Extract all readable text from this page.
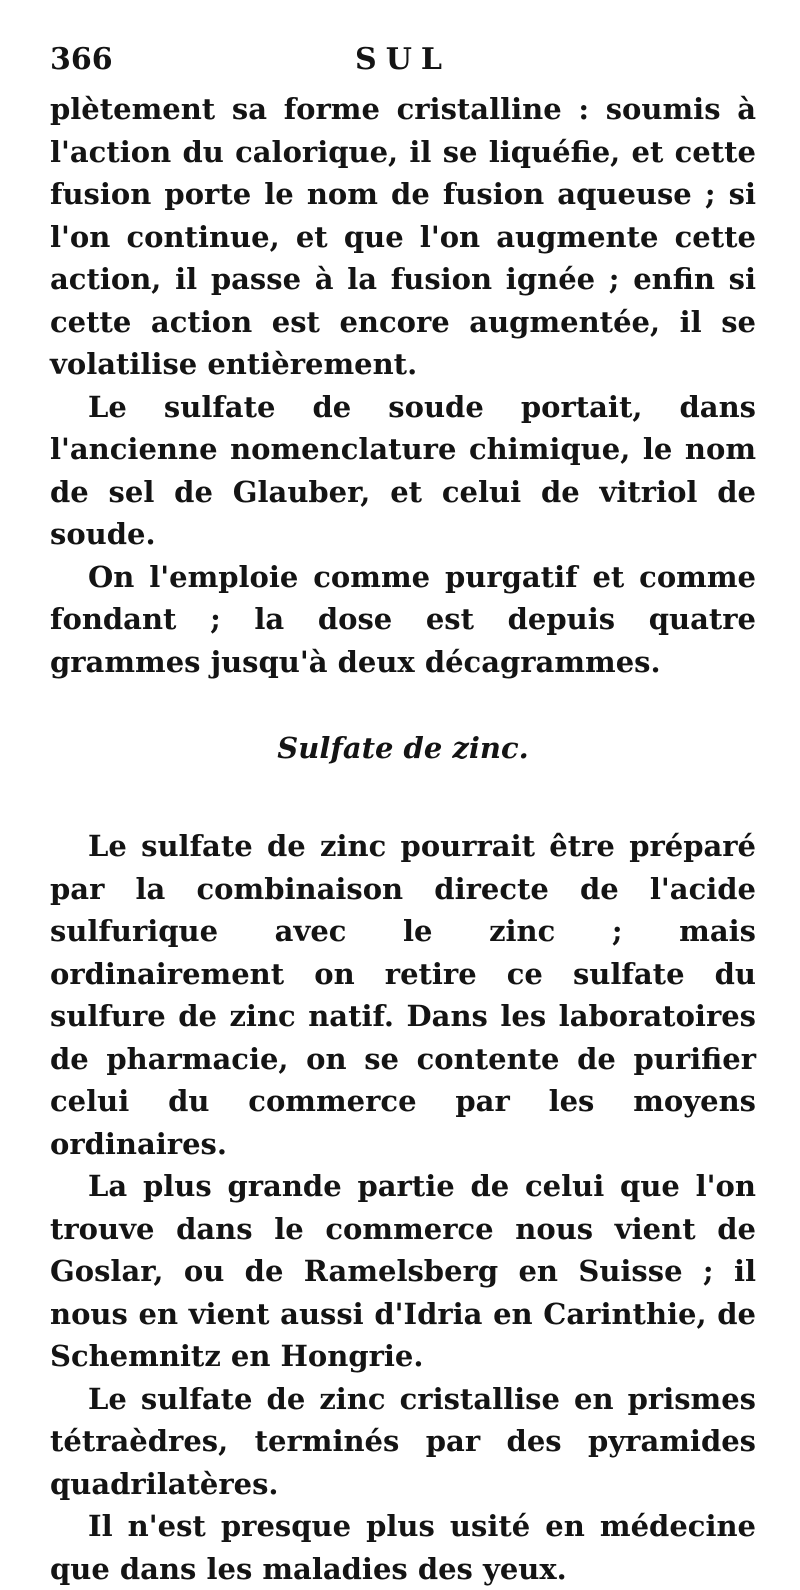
366	SUL

plètement sa forme cristalline : soumis à l'action du calorique, il se liquéfie, et cette fusion porte le nom de fusion aqueuse ; si l'on continue, et que l'on augmente cette action, il passe à la fusion ignée ; enfin si cette action est encore augmentée, il se volatilise entièrement.

Le sulfate de soude portait, dans l'ancienne nomenclature chimique, le nom de sel de Glauber, et celui de vitriol de soude.

On l'emploie comme purgatif et comme fondant ; la dose est depuis quatre grammes jusqu'à deux décagrammes.

Sulfate de zinc.

Le sulfate de zinc pourrait être préparé par la combinaison directe de l'acide sulfurique avec le zinc ; mais ordinairement on retire ce sulfate du sulfure de zinc natif. Dans les laboratoires de pharmacie, on se contente de purifier celui du commerce par les moyens ordinaires.

La plus grande partie de celui que l'on trouve dans le commerce nous vient de Goslar, ou de Ramelsberg en Suisse ; il nous en vient aussi d'Idria en Carinthie, de Schemnitz en Hongrie.

Le sulfate de zinc cristallise en prismes tétraèdres, terminés par des pyramides quadrilatères.

Il n'est presque plus usité en médecine que dans les maladies des yeux.
